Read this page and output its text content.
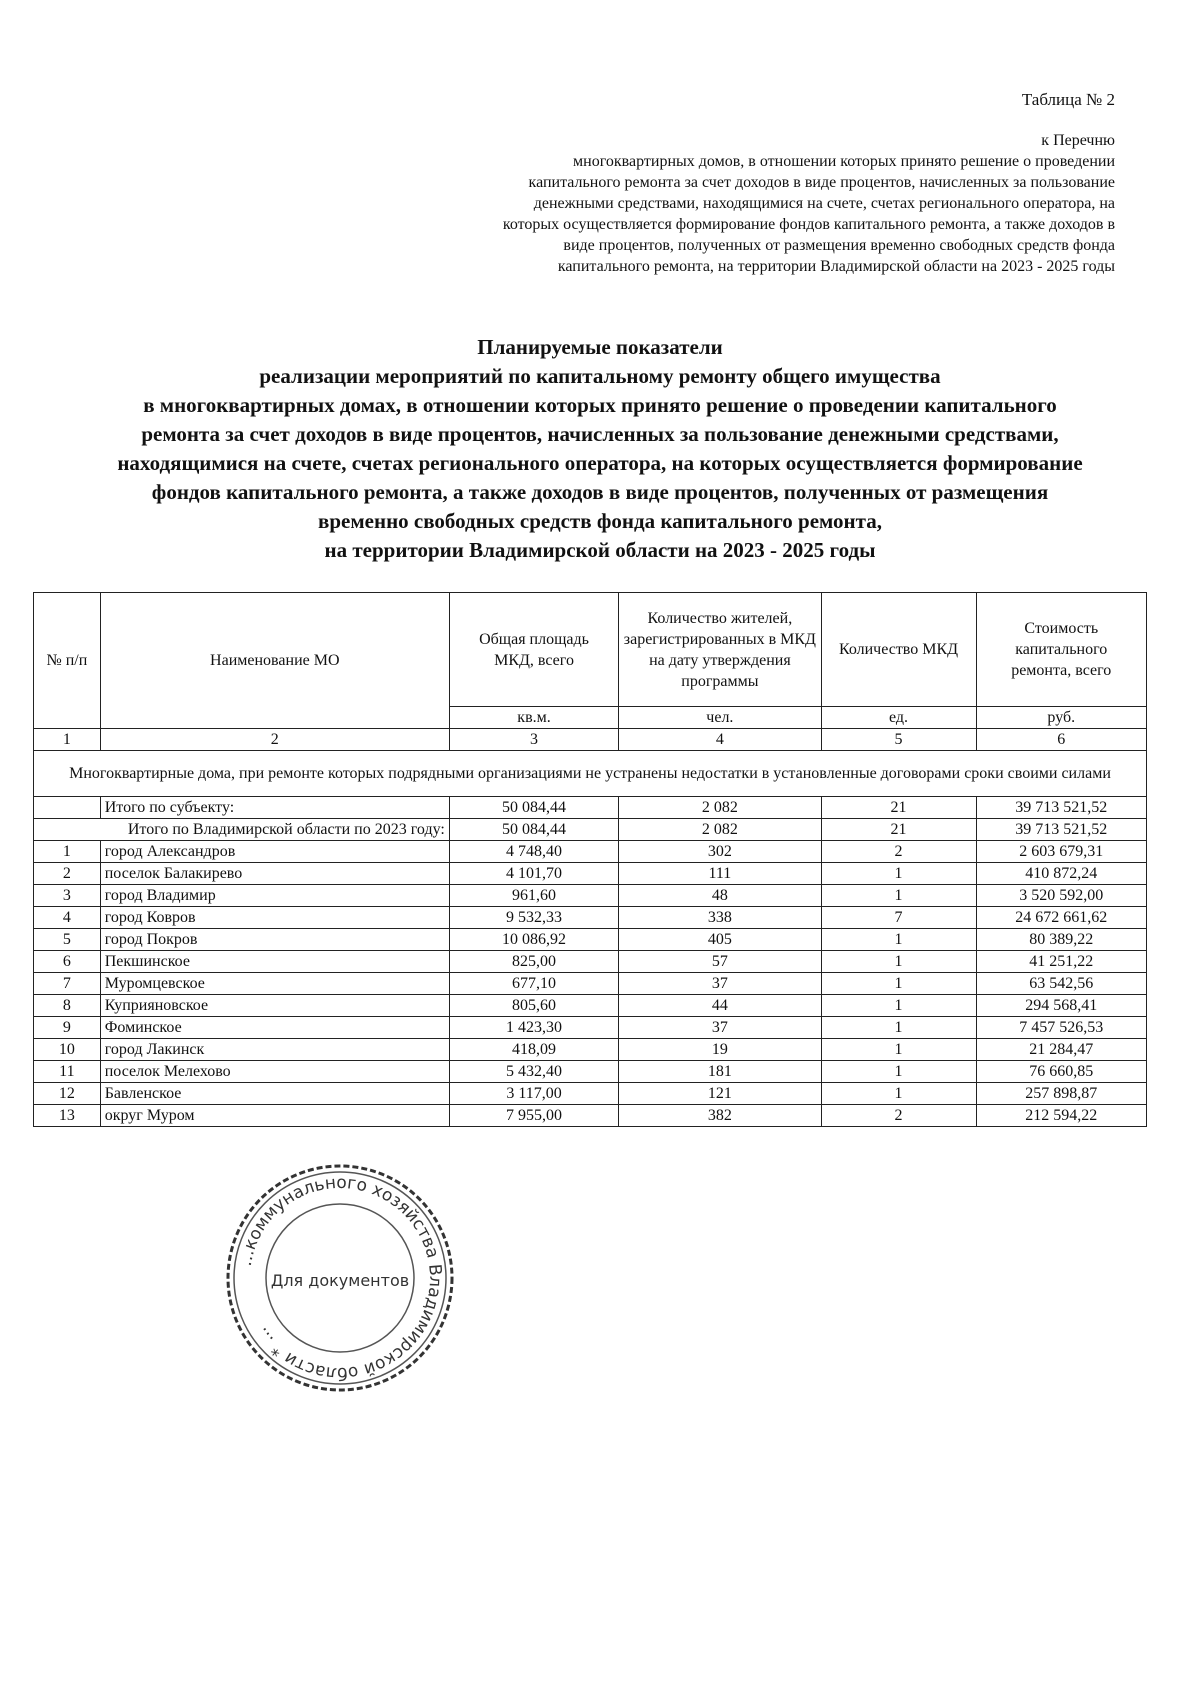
Таблица № 2
к Перечню
многоквартирных домов, в отношении которых принято решение о проведении
капитального ремонта за счет доходов в виде процентов, начисленных за пользование
денежными средствами, находящимися на счете, счетах регионального оператора, на
которых осуществляется формирование фондов капитального ремонта, а также доходов в
виде процентов, полученных от размещения временно свободных средств фонда
капитального ремонта, на территории Владимирской области на 2023 - 2025 годы
Планируемые показатели
реализации мероприятий по капитальному ремонту общего имущества
в многоквартирных домах, в отношении которых принято решение о проведении капитального
ремонта за счет доходов в виде процентов, начисленных за пользование денежными средствами,
находящимися на счете, счетах регионального оператора, на которых осуществляется формирование
фондов капитального ремонта, а также доходов в виде процентов, полученных от размещения
временно свободных средств фонда капитального ремонта,
на территории Владимирской области на 2023 - 2025 годы
№ п/п	Наименование МО	Общая площадь МКД, всего	Количество жителей, зарегистрированных в МКД на дату утверждения программы	Количество МКД	Стоимость капитального ремонта, всего
		кв.м.	чел.	ед.	руб.
1	2	3	4	5	6
Многоквартирные дома, при ремонте которых подрядными организациями не устранены недостатки в установленные договорами сроки своими силами					
	Итого по субъекту:	50 084,44	2 082	21	39 713 521,52
Итого по Владимирской области по 2023 году:		50 084,44	2 082	21	39 713 521,52
1	город Александров	4 748,40	302	2	2 603 679,31
2	поселок Балакирево	4 101,70	111	1	410 872,24
3	город Владимир	961,60	48	1	3 520 592,00
4	город Ковров	9 532,33	338	7	24 672 661,62
5	город Покров	10 086,92	405	1	80 389,22
6	Пекшинское	825,00	57	1	41 251,22
7	Муромцевское	677,10	37	1	63 542,56
8	Куприяновское	805,60	44	1	294 568,41
9	Фоминское	1 423,30	37	1	7 457 526,53
10	город Лакинск	418,09	19	1	21 284,47
11	поселок Мелехово	5 432,40	181	1	76 660,85
12	Бавленское	3 117,00	121	1	257 898,87
13	округ Муром	7 955,00	382	2	212 594,22
...коммунального хозяйства Владимирской области * ...
Для документов
